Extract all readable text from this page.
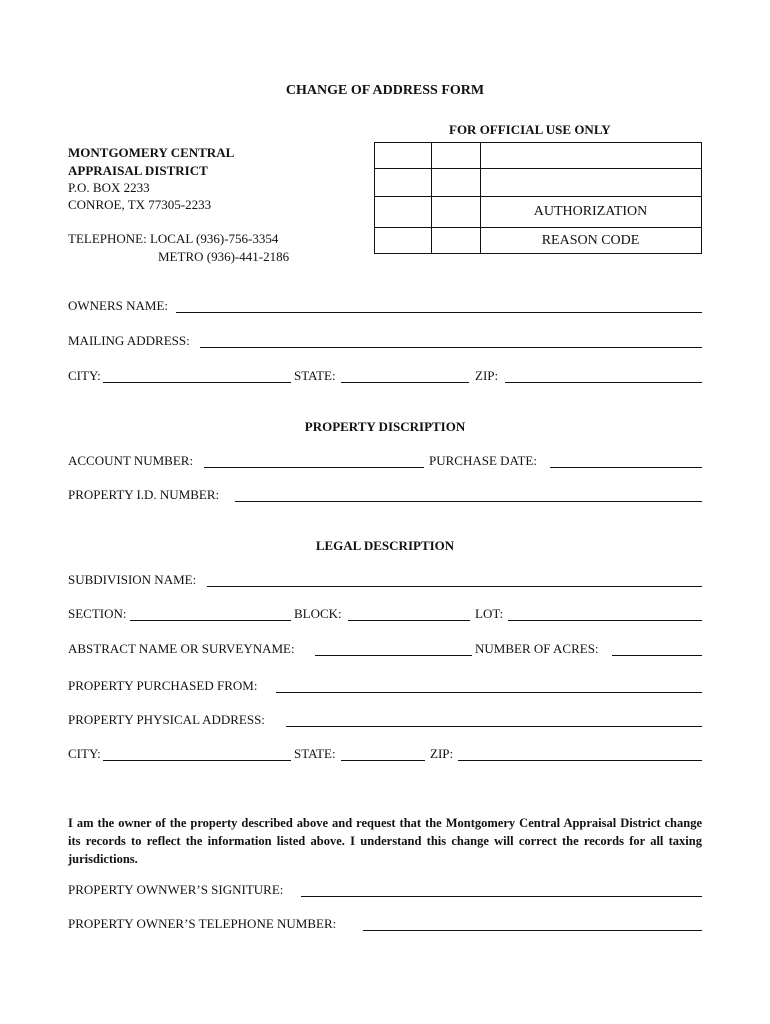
CHANGE OF ADDRESS FORM
FOR OFFICIAL USE ONLY
AUTHORIZATION
REASON CODE
MONTGOMERY CENTRAL
APPRAISAL DISTRICT
P.O. BOX 2233
CONROE, TX 77305-2233
TELEPHONE: LOCAL (936)-756-3354
METRO (936)-441-2186
OWNERS NAME:
MAILING ADDRESS:
CITY:	STATE:	ZIP:
PROPERTY DISCRIPTION
ACCOUNT NUMBER:	PURCHASE DATE:
PROPERTY I.D. NUMBER:
LEGAL DESCRIPTION
SUBDIVISION NAME:
SECTION:	BLOCK:	LOT:
ABSTRACT NAME OR SURVEYNAME:	NUMBER OF ACRES:
PROPERTY PURCHASED FROM:
PROPERTY PHYSICAL ADDRESS:
CITY:	STATE:	ZIP:
I am the owner of the property described above and request that the Montgomery Central Appraisal District change its records to reflect the information listed above. I understand this change will correct the records for all taxing jurisdictions.
PROPERTY OWNWER’S SIGNITURE:
PROPERTY OWNER’S TELEPHONE NUMBER:
